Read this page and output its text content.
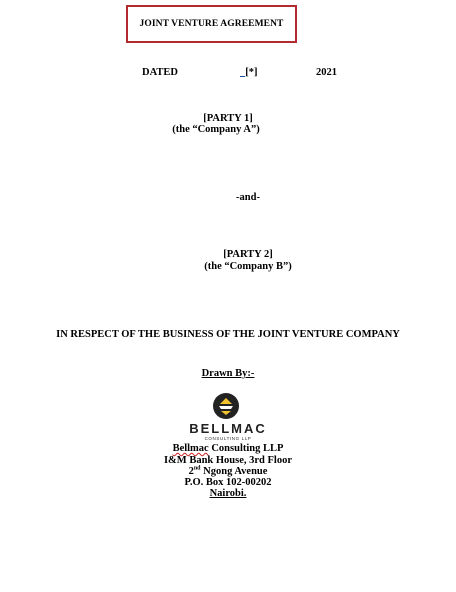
JOINT VENTURE AGREEMENT
DATED	[*]	2021
[PARTY 1]
(the “Company A”)
-and-
[PARTY 2]
(the “Company B”)
IN RESPECT OF THE BUSINESS OF THE JOINT VENTURE COMPANY
Drawn By:-
BELLMAC
CONSULTING LLP
Bellmac Consulting LLP
I&M Bank House, 3rd Floor
2nd Ngong Avenue
P.O. Box 102-00202
Nairobi.
